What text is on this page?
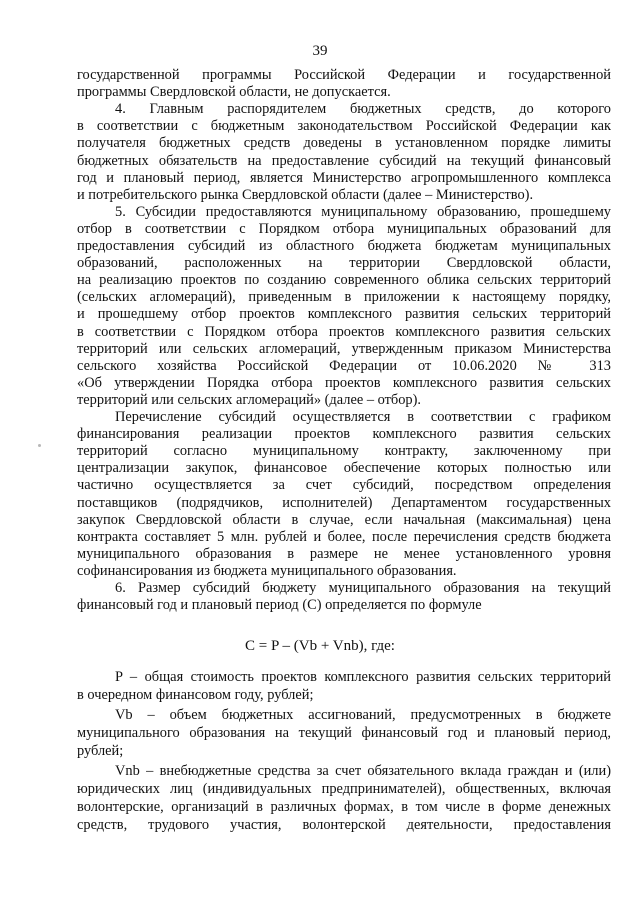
39
государственной программы Российской Федерации и государственной
программы Свердловской области, не допускается.
4. Главным распорядителем бюджетных средств, до которого
в соответствии с бюджетным законодательством Российской Федерации как
получателя бюджетных средств доведены в установленном порядке лимиты
бюджетных обязательств на предоставление субсидий на текущий финансовый
год и плановый период, является Министерство агропромышленного комплекса
и потребительского рынка Свердловской области (далее – Министерство).
5. Субсидии предоставляются муниципальному образованию, прошедшему
отбор в соответствии с Порядком отбора муниципальных образований для
предоставления субсидий из областного бюджета бюджетам муниципальных
образований, расположенных на территории Свердловской области,
на реализацию проектов по созданию современного облика сельских территорий
(сельских агломераций), приведенным в приложении к настоящему порядку,
и прошедшему отбор проектов комплексного развития сельских территорий
в соответствии с Порядком отбора проектов комплексного развития сельских
территорий или сельских агломераций, утвержденным приказом Министерства
сельского хозяйства Российской Федерации от 10.06.2020 № 313
«Об утверждении Порядка отбора проектов комплексного развития сельских
территорий или сельских агломераций» (далее – отбор).
Перечисление субсидий осуществляется в соответствии с графиком
финансирования реализации проектов комплексного развития сельских
территорий согласно муниципальному контракту, заключенному при
централизации закупок, финансовое обеспечение которых полностью или
частично осуществляется за счет субсидий, посредством определения
поставщиков (подрядчиков, исполнителей) Департаментом государственных
закупок Свердловской области в случае, если начальная (максимальная) цена
контракта составляет 5 млн. рублей и более, после перечисления средств бюджета
муниципального образования в размере не менее установленного уровня
софинансирования из бюджета муниципального образования.
6. Размер субсидий бюджету муниципального образования на текущий
финансовый год и плановый период (C) определяется по формуле
C = P – (Vb + Vnb), где:
P – общая стоимость проектов комплексного развития сельских территорий
в очередном финансовом году, рублей;
Vb – объем бюджетных ассигнований, предусмотренных в бюджете
муниципального образования на текущий финансовый год и плановый период,
рублей;
Vnb – внебюджетные средства за счет обязательного вклада граждан и (или)
юридических лиц (индивидуальных предпринимателей), общественных, включая
волонтерские, организаций в различных формах, в том числе в форме денежных
средств, трудового участия, волонтерской деятельности, предоставления
